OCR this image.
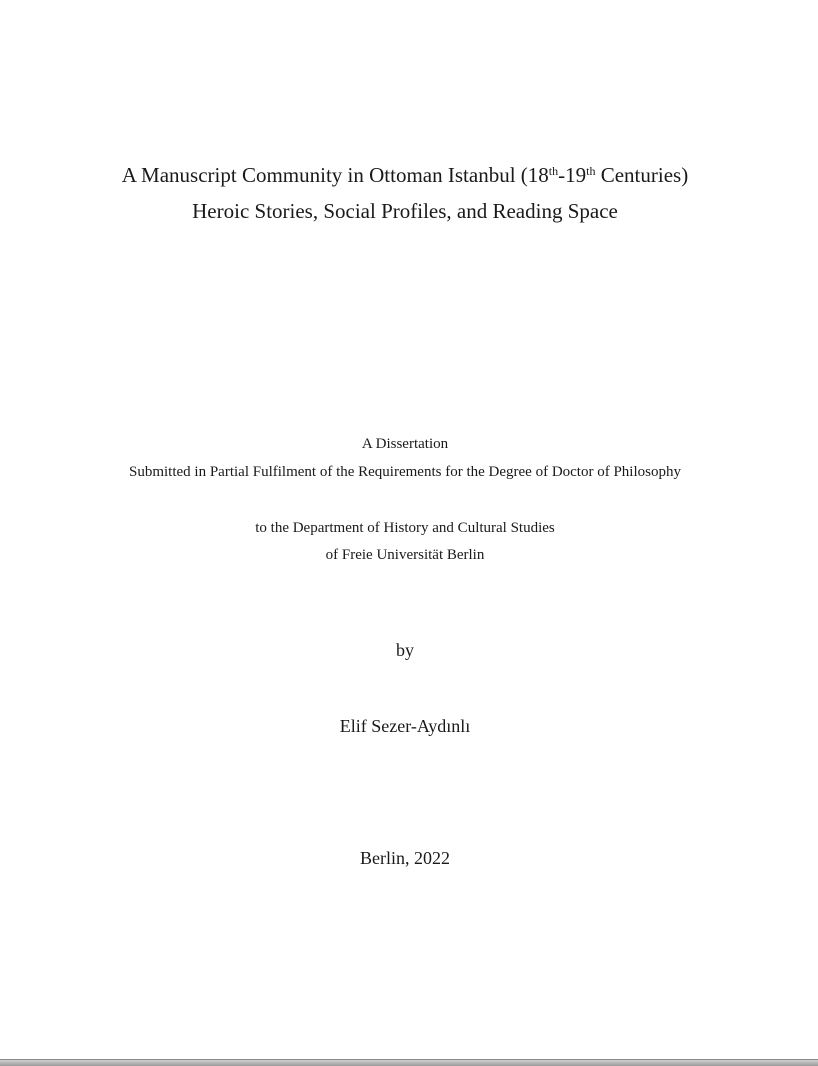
A Manuscript Community in Ottoman Istanbul (18th-19th Centuries)
Heroic Stories, Social Profiles, and Reading Space
A Dissertation
Submitted in Partial Fulfilment of the Requirements for the Degree of Doctor of Philosophy
to the Department of History and Cultural Studies
of Freie Universität Berlin
by
Elif Sezer-Aydınlı
Berlin, 2022
